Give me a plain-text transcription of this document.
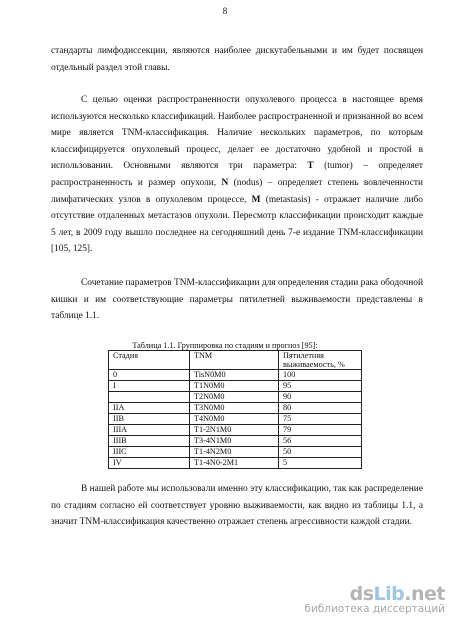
8

стандарты лимфодиссекции, являются наиболее дискутабельными и им будет посвящен отдельный раздел этой главы.

С целью оценки распространенности опухолевого процесса в настоящее время используются несколько классификаций. Наиболее распространенной и признанной во всем мире является TNM-классификация. Наличие нескольких параметров, по которым классифицируется опухолевый процесс, делает ее достаточно удобной и простой в использовании. Основными являются три параметра: Т (tumor) – определяет распространенность и размер опухоли, N (nodus) – определяет степень вовлеченности лимфатических узлов в опухолевом процессе, М (metastasis) - отражает наличие либо отсутствие отдаленных метастазов опухоли. Пересмотр классификации происходит каждые 5 лет, в 2009 году вышло последнее на сегодняшний день 7-е издание TNM-классификации [105, 125].

Сочетание параметров TNM-классификации для определения стадии рака ободочной кишки и им соответствующие параметры пятилетней выживаемости представлены в таблице 1.1.

Таблица 1.1. Группировка по стадиям и прогноз [95]:
Стадия	TNM	Пятилетняя выживаемость, %
0	TisN0M0	100
I	T1N0M0	95
	T2N0M0	90
IIA	T3N0M0	80
IIB	T4N0M0	75
IIIA	T1-2N1M0	79
IIIB	T3-4N1M0	56
IIIC	T1-4N2M0	50
IV	T1-4N0-2M1	5

В нашей работе мы использовали именно эту классификацию, так как распределение по стадиям согласно ей соответствует уровню выживаемости, как видно из таблицы 1.1, а значит TNM-классификация качественно отражает степень агрессивности каждой стадии.

dsLib.net
библиотека диссертаций
